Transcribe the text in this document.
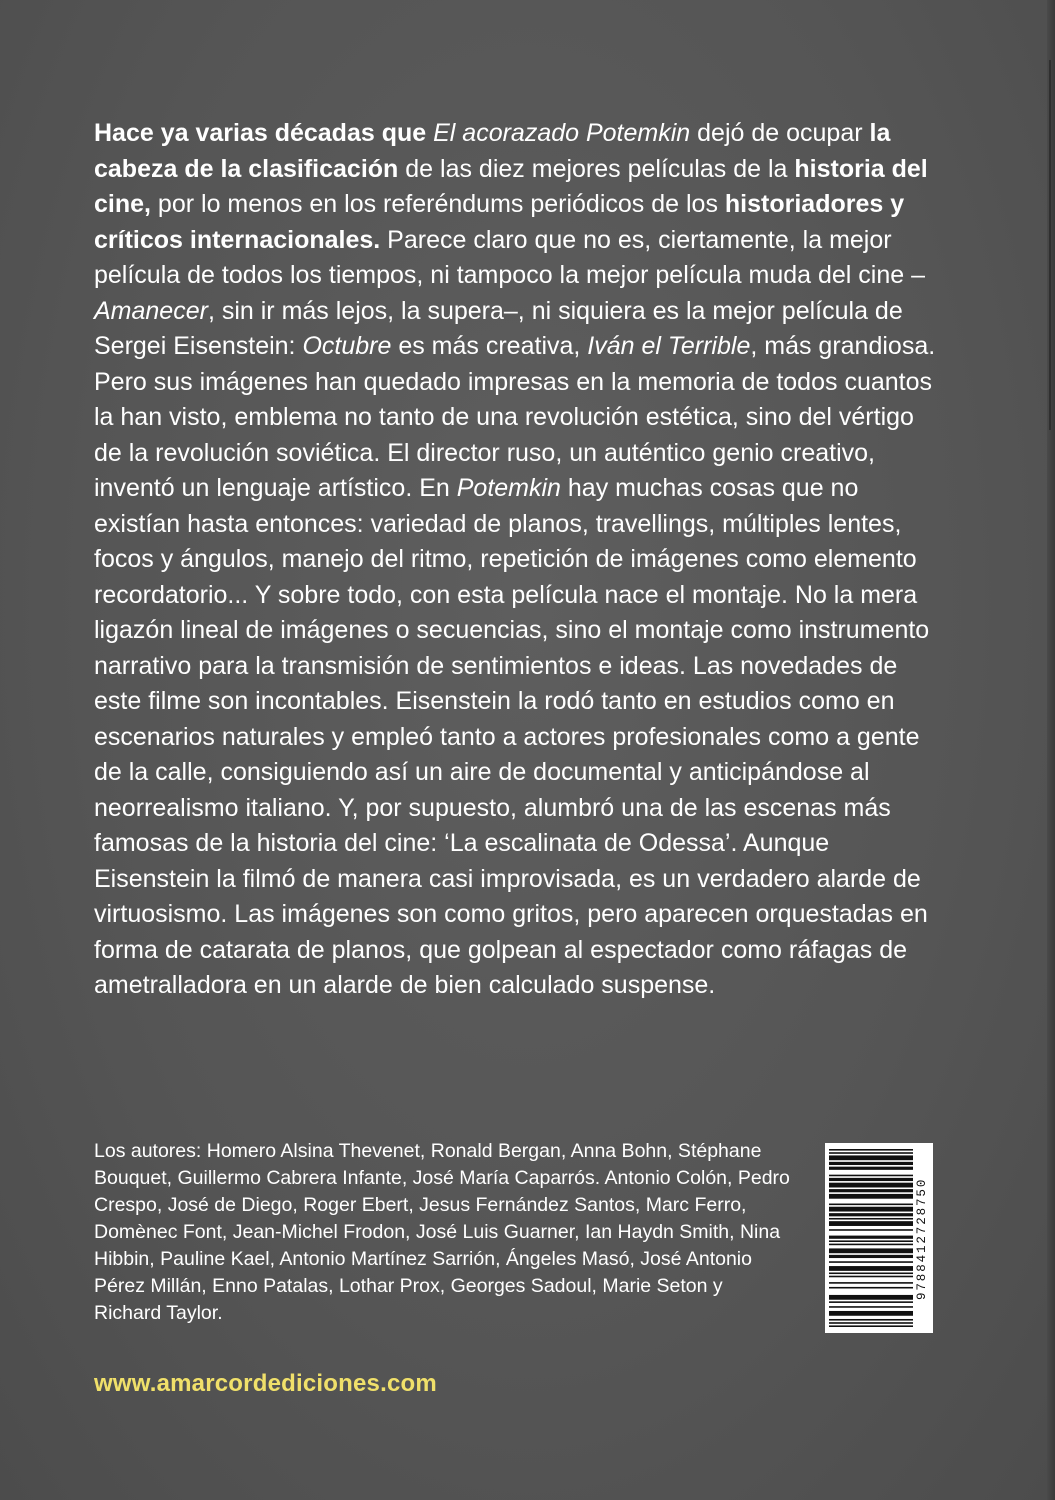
Hace ya varias décadas que El acorazado Potemkin dejó de ocupar la cabeza de la clasificación de las diez mejores películas de la historia del cine, por lo menos en los referéndums periódicos de los historiadores y críticos internacionales. Parece claro que no es, ciertamente, la mejor película de todos los tiempos, ni tampoco la mejor película muda del cine –Amanecer, sin ir más lejos, la supera–, ni siquiera es la mejor película de Sergei Eisenstein: Octubre es más creativa, Iván el Terrible, más grandiosa. Pero sus imágenes han quedado impresas en la memoria de todos cuantos la han visto, emblema no tanto de una revolución estética, sino del vértigo de la revolución soviética. El director ruso, un auténtico genio creativo, inventó un lenguaje artístico. En Potemkin hay muchas cosas que no existían hasta entonces: variedad de planos, travellings, múltiples lentes, focos y ángulos, manejo del ritmo, repetición de imágenes como elemento recordatorio... Y sobre todo, con esta película nace el montaje. No la mera ligazón lineal de imágenes o secuencias, sino el montaje como instrumento narrativo para la transmisión de sentimientos e ideas. Las novedades de este filme son incontables. Eisenstein la rodó tanto en estudios como en escenarios naturales y empleó tanto a actores profesionales como a gente de la calle, consiguiendo así un aire de documental y anticipándose al neorrealismo italiano. Y, por supuesto, alumbró una de las escenas más famosas de la historia del cine: ‘La escalinata de Odessa’. Aunque Eisenstein la filmó de manera casi improvisada, es un verdadero alarde de virtuosismo. Las imágenes son como gritos, pero aparecen orquestadas en forma de catarata de planos, que golpean al espectador como ráfagas de ametralladora en un alarde de bien calculado suspense.

Los autores: Homero Alsina Thevenet, Ronald Bergan, Anna Bohn, Stéphane Bouquet, Guillermo Cabrera Infante, José María Caparrós. Antonio Colón, Pedro Crespo, José de Diego, Roger Ebert, Jesus Fernández Santos, Marc Ferro, Domènec Font, Jean-Michel Frodon, José Luis Guarner, Ian Haydn Smith, Nina Hibbin, Pauline Kael, Antonio Martínez Sarrión, Ángeles Masó, José Antonio Pérez Millán, Enno Patalas, Lothar Prox, Georges Sadoul, Marie Seton y Richard Taylor.

www.amarcordediciones.com
9788412728750
